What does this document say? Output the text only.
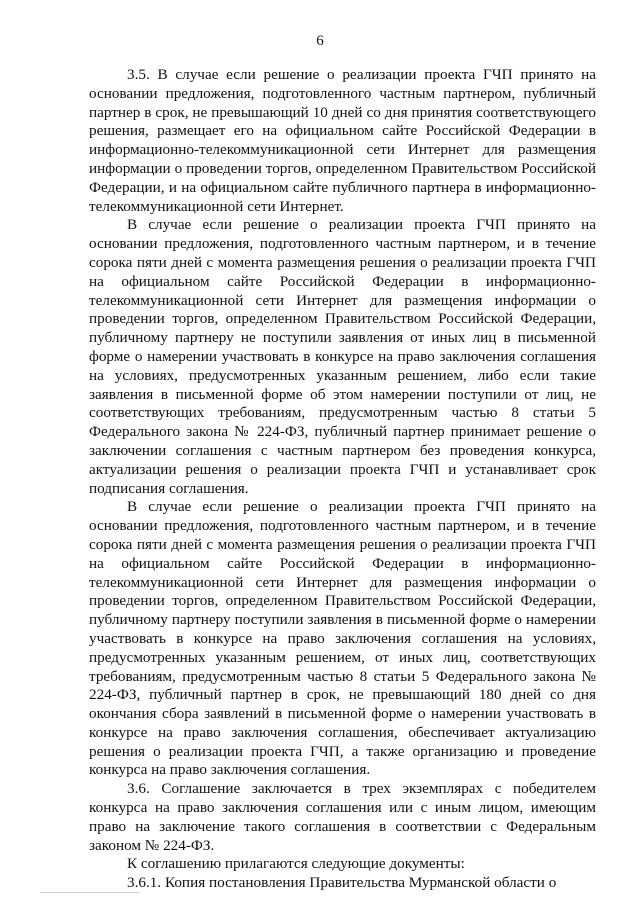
6

3.5. В случае если решение о реализации проекта ГЧП принято на основании предложения, подготовленного частным партнером, публичный партнер в срок, не превышающий 10 дней со дня принятия соответствующего решения, размещает его на официальном сайте Российской Федерации в информационно-телекоммуникационной сети Интернет для размещения информации о проведении торгов, определенном Правительством Российской Федерации, и на официальном сайте публичного партнера в информационно-телекоммуникационной сети Интернет.

В случае если решение о реализации проекта ГЧП принято на основании предложения, подготовленного частным партнером, и в течение сорока пяти дней с момента размещения решения о реализации проекта ГЧП на официальном сайте Российской Федерации в информационно-телекоммуникационной сети Интернет для размещения информации о проведении торгов, определенном Правительством Российской Федерации, публичному партнеру не поступили заявления от иных лиц в письменной форме о намерении участвовать в конкурсе на право заключения соглашения на условиях, предусмотренных указанным решением, либо если такие заявления в письменной форме об этом намерении поступили от лиц, не соответствующих требованиям, предусмотренным частью 8 статьи 5 Федерального закона № 224-ФЗ, публичный партнер принимает решение о заключении соглашения с частным партнером без проведения конкурса, актуализации решения о реализации проекта ГЧП и устанавливает срок подписания соглашения.

В случае если решение о реализации проекта ГЧП принято на основании предложения, подготовленного частным партнером, и в течение сорока пяти дней с момента размещения решения о реализации проекта ГЧП на официальном сайте Российской Федерации в информационно-телекоммуникационной сети Интернет для размещения информации о проведении торгов, определенном Правительством Российской Федерации, публичному партнеру поступили заявления в письменной форме о намерении участвовать в конкурсе на право заключения соглашения на условиях, предусмотренных указанным решением, от иных лиц, соответствующих требованиям, предусмотренным частью 8 статьи 5 Федерального закона № 224-ФЗ, публичный партнер в срок, не превышающий 180 дней со дня окончания сбора заявлений в письменной форме о намерении участвовать в конкурсе на право заключения соглашения, обеспечивает актуализацию решения о реализации проекта ГЧП, а также организацию и проведение конкурса на право заключения соглашения.

3.6. Соглашение заключается в трех экземплярах с победителем конкурса на право заключения соглашения или с иным лицом, имеющим право на заключение такого соглашения в соответствии с Федеральным законом № 224-ФЗ.

К соглашению прилагаются следующие документы:

3.6.1. Копия постановления Правительства Мурманской области о
